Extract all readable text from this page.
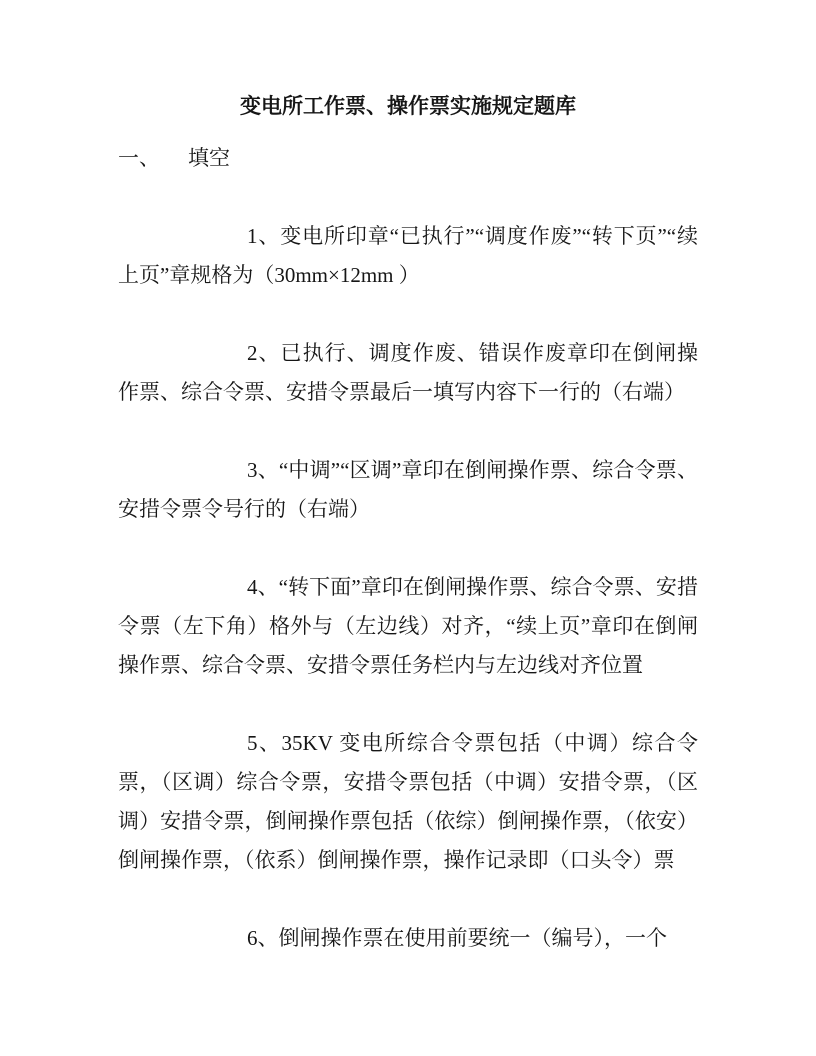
变电所工作票、操作票实施规定题库
一、 填空

1、变电所印章“已执行”“调度作废”“转下页”“续上页”章规格为（30mm×12mm ）

2、已执行、调度作废、错误作废章印在倒闸操作票、综合令票、安措令票最后一填写内容下一行的（右端）

3、“中调”“区调”章印在倒闸操作票、综合令票、安措令票令号行的（右端）

4、“转下面”章印在倒闸操作票、综合令票、安措令票（左下角）格外与（左边线）对齐，“续上页”章印在倒闸操作票、综合令票、安措令票任务栏内与左边线对齐位置

5、35KV 变电所综合令票包括（中调）综合令票，（区调）综合令票，安措令票包括（中调）安措令票，（区调）安措令票，倒闸操作票包括（依综）倒闸操作票，（依安）倒闸操作票，（依系）倒闸操作票，操作记录即（口头令）票

6、倒闸操作票在使用前要统一（编号），一个
